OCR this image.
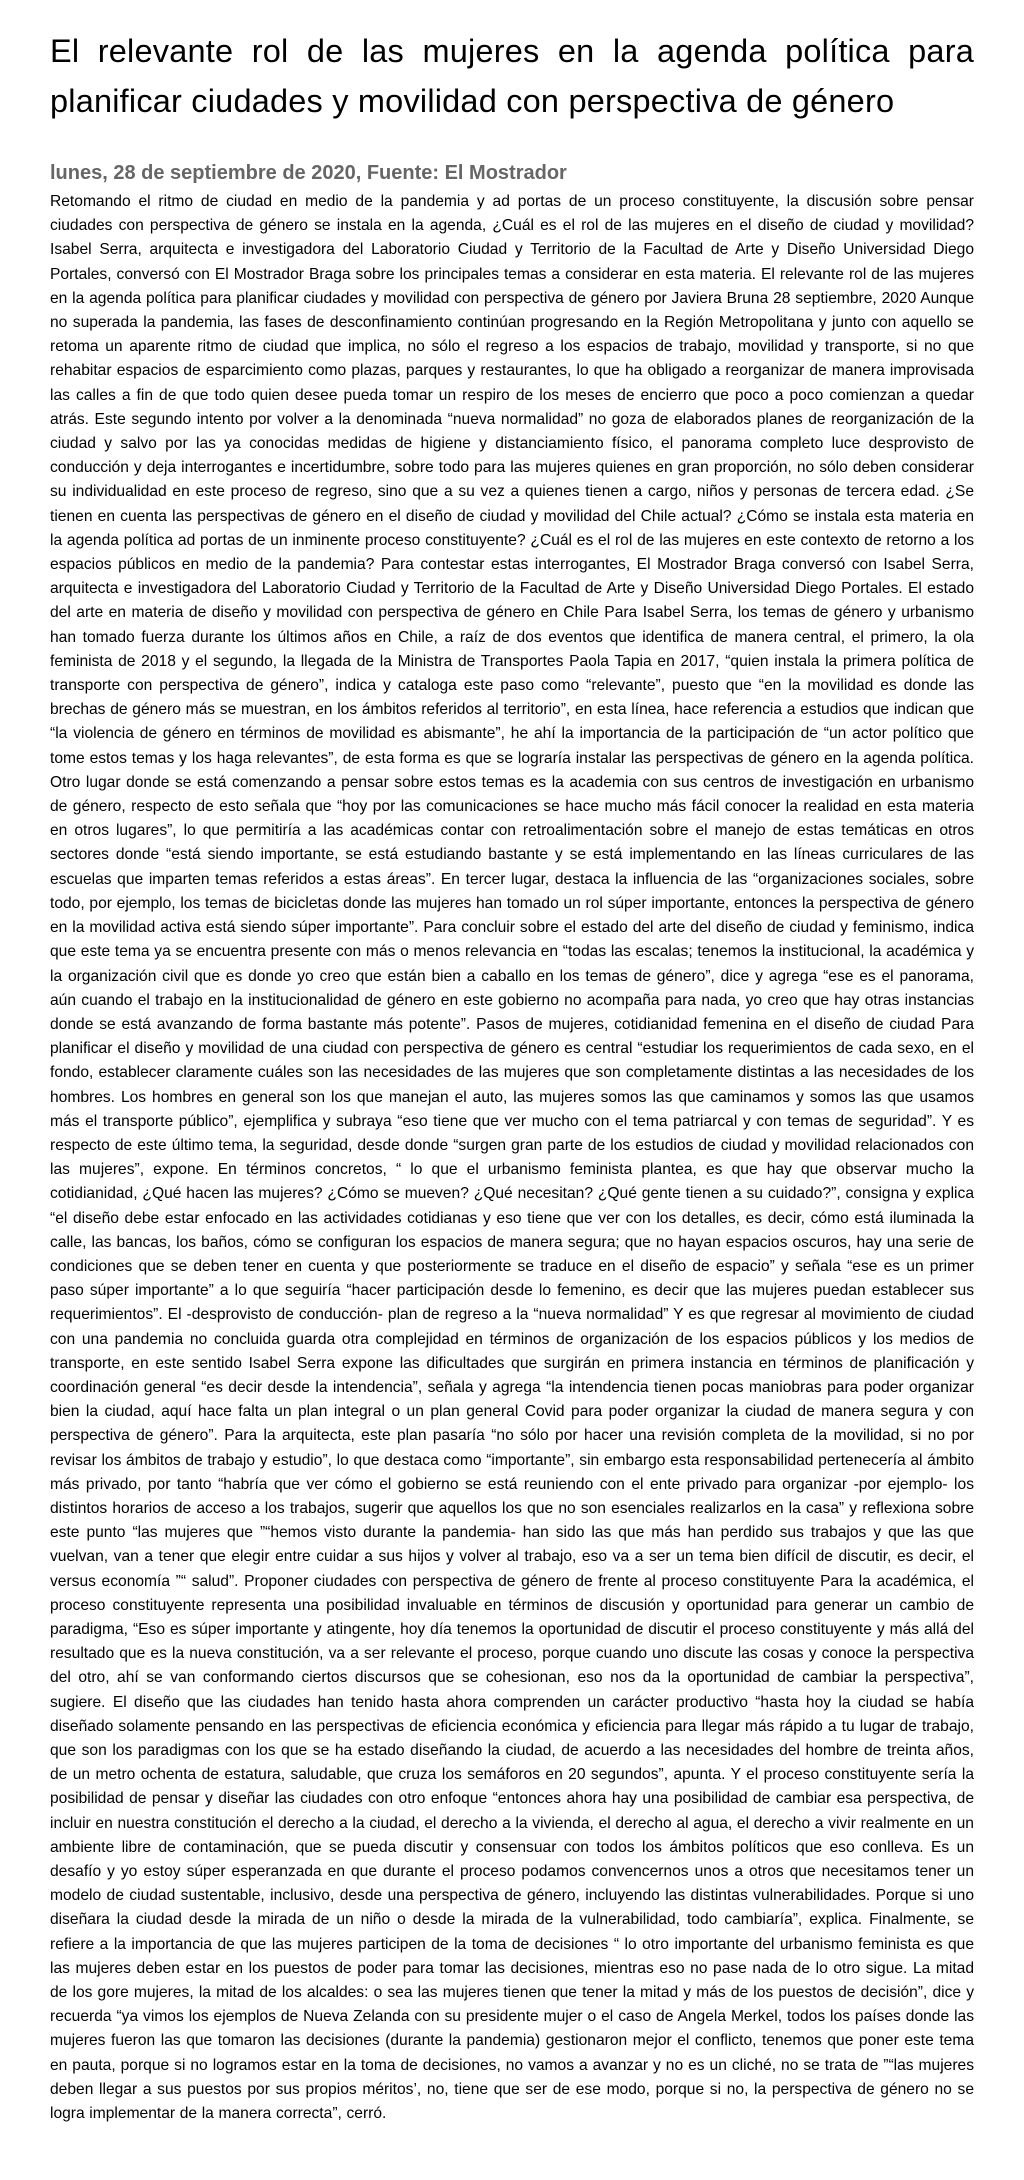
El relevante rol de las mujeres en la agenda política para planificar ciudades y movilidad con perspectiva de género
lunes, 28 de septiembre de 2020, Fuente: El Mostrador

Retomando el ritmo de ciudad en medio de la pandemia y ad portas de un proceso constituyente, la discusión sobre pensar ciudades con perspectiva de género se instala en la agenda, ¿Cuál es el rol de las mujeres en el diseño de ciudad y movilidad? Isabel Serra, arquitecta e investigadora del Laboratorio Ciudad y Territorio de la Facultad de Arte y Diseño Universidad Diego Portales, conversó con El Mostrador Braga sobre los principales temas a considerar en esta materia. El relevante rol de las mujeres en la agenda política para planificar ciudades y movilidad con perspectiva de género por Javiera Bruna 28 septiembre, 2020 Aunque no superada la pandemia, las fases de desconfinamiento continúan progresando en la Región Metropolitana y junto con aquello se retoma un aparente ritmo de ciudad que implica, no sólo el regreso a los espacios de trabajo, movilidad y transporte, si no que rehabitar espacios de esparcimiento como plazas, parques y restaurantes, lo que ha obligado a reorganizar de manera improvisada las calles a fin de que todo quien desee pueda tomar un respiro de los meses de encierro que poco a poco comienzan a quedar atrás. Este segundo intento por volver a la denominada “nueva normalidad” no goza de elaborados planes de reorganización de la ciudad y salvo por las ya conocidas medidas de higiene y distanciamiento físico, el panorama completo luce desprovisto de conducción y deja interrogantes e incertidumbre, sobre todo para las mujeres quienes en gran proporción, no sólo deben considerar su individualidad en este proceso de regreso, sino que a su vez a quienes tienen a cargo, niños y personas de tercera edad. ¿Se tienen en cuenta las perspectivas de género en el diseño de ciudad y movilidad del Chile actual? ¿Cómo se instala esta materia en la agenda política ad portas de un inminente proceso constituyente? ¿Cuál es el rol de las mujeres en este contexto de retorno a los espacios públicos en medio de la pandemia? Para contestar estas interrogantes, El Mostrador Braga conversó con Isabel Serra, arquitecta e investigadora del Laboratorio Ciudad y Territorio de la Facultad de Arte y Diseño Universidad Diego Portales. El estado del arte en materia de diseño y movilidad con perspectiva de género en Chile Para Isabel Serra, los temas de género y urbanismo han tomado fuerza durante los últimos años en Chile, a raíz de dos eventos que identifica de manera central, el primero, la ola feminista de 2018 y el segundo, la llegada de la Ministra de Transportes Paola Tapia en 2017, “quien instala la primera política de transporte con perspectiva de género”, indica y cataloga este paso como “relevante”, puesto que “en la movilidad es donde las brechas de género más se muestran, en los ámbitos referidos al territorio”, en esta línea, hace referencia a estudios que indican que “la violencia de género en términos de movilidad es abismante”, he ahí la importancia de la participación de “un actor político que tome estos temas y los haga relevantes”, de esta forma es que se lograría instalar las perspectivas de género en la agenda política. Otro lugar donde se está comenzando a pensar sobre estos temas es la academia con sus centros de investigación en urbanismo de género, respecto de esto señala que “hoy por las comunicaciones se hace mucho más fácil conocer la realidad en esta materia en otros lugares”, lo que permitiría a las académicas contar con retroalimentación sobre el manejo de estas temáticas en otros sectores donde “está siendo importante, se está estudiando bastante y se está implementando en las líneas curriculares de las escuelas que imparten temas referidos a estas áreas”. En tercer lugar, destaca la influencia de las “organizaciones sociales, sobre todo, por ejemplo, los temas de bicicletas donde las mujeres han tomado un rol súper importante, entonces la perspectiva de género en la movilidad activa está siendo súper importante”. Para concluir sobre el estado del arte del diseño de ciudad y feminismo, indica que este tema ya se encuentra presente con más o menos relevancia en “todas las escalas; tenemos la institucional, la académica y la organización civil que es donde yo creo que están bien a caballo en los temas de género”, dice y agrega “ese es el panorama, aún cuando el trabajo en la institucionalidad de género en este gobierno no acompaña para nada, yo creo que hay otras instancias donde se está avanzando de forma bastante más potente”. Pasos de mujeres, cotidianidad femenina en el diseño de ciudad Para planificar el diseño y movilidad de una ciudad con perspectiva de género es central “estudiar los requerimientos de cada sexo, en el fondo, establecer claramente cuáles son las necesidades de las mujeres que son completamente distintas a las necesidades de los hombres. Los hombres en general son los que manejan el auto, las mujeres somos las que caminamos y somos las que usamos más el transporte público”, ejemplifica y subraya “eso tiene que ver mucho con el tema patriarcal y con temas de seguridad”. Y es respecto de este último tema, la seguridad, desde donde “surgen gran parte de los estudios de ciudad y movilidad relacionados con las mujeres”, expone. En términos concretos, “ lo que el urbanismo feminista plantea, es que hay que observar mucho la cotidianidad, ¿Qué hacen las mujeres? ¿Cómo se mueven? ¿Qué necesitan? ¿Qué gente tienen a su cuidado?”, consigna y explica “el diseño debe estar enfocado en las actividades cotidianas y eso tiene que ver con los detalles, es decir, cómo está iluminada la calle, las bancas, los baños, cómo se configuran los espacios de manera segura; que no hayan espacios oscuros, hay una serie de condiciones que se deben tener en cuenta y que posteriormente se traduce en el diseño de espacio” y señala “ese es un primer paso súper importante” a lo que seguiría “hacer participación desde lo femenino, es decir que las mujeres puedan establecer sus requerimientos”. El -desprovisto de conducción- plan de regreso a la “nueva normalidad” Y es que regresar al movimiento de ciudad con una pandemia no concluida guarda otra complejidad en términos de organización de los espacios públicos y los medios de transporte, en este sentido Isabel Serra expone las dificultades que surgirán en primera instancia en términos de planificación y coordinación general “es decir desde la intendencia”, señala y agrega “la intendencia tienen pocas maniobras para poder organizar bien la ciudad, aquí hace falta un plan integral o un plan general Covid para poder organizar la ciudad de manera segura y con perspectiva de género”. Para la arquitecta, este plan pasaría “no sólo por hacer una revisión completa de la movilidad, si no por revisar los ámbitos de trabajo y estudio”, lo que destaca como “importante”, sin embargo esta responsabilidad pertenecería al ámbito más privado, por tanto “habría que ver cómo el gobierno se está reuniendo con el ente privado para organizar -por ejemplo- los distintos horarios de acceso a los trabajos, sugerir que aquellos los que no son esenciales realizarlos en la casa” y reflexiona sobre este punto “las mujeres que ”“hemos visto durante la pandemia- han sido las que más han perdido sus trabajos y que las que vuelvan, van a tener que elegir entre cuidar a sus hijos y volver al trabajo, eso va a ser un tema bien difícil de discutir, es decir, el versus economía ”“ salud”. Proponer ciudades con perspectiva de género de frente al proceso constituyente Para la académica, el proceso constituyente representa una posibilidad invaluable en términos de discusión y oportunidad para generar un cambio de paradigma, “Eso es súper importante y atingente, hoy día tenemos la oportunidad de discutir el proceso constituyente y más allá del resultado que es la nueva constitución, va a ser relevante el proceso, porque cuando uno discute las cosas y conoce la perspectiva del otro, ahí se van conformando ciertos discursos que se cohesionan, eso nos da la oportunidad de cambiar la perspectiva”, sugiere. El diseño que las ciudades han tenido hasta ahora comprenden un carácter productivo “hasta hoy la ciudad se había diseñado solamente pensando en las perspectivas de eficiencia económica y eficiencia para llegar más rápido a tu lugar de trabajo, que son los paradigmas con los que se ha estado diseñando la ciudad, de acuerdo a las necesidades del hombre de treinta años, de un metro ochenta de estatura, saludable, que cruza los semáforos en 20 segundos”, apunta. Y el proceso constituyente sería la posibilidad de pensar y diseñar las ciudades con otro enfoque “entonces ahora hay una posibilidad de cambiar esa perspectiva, de incluir en nuestra constitución el derecho a la ciudad, el derecho a la vivienda, el derecho al agua, el derecho a vivir realmente en un ambiente libre de contaminación, que se pueda discutir y consensuar con todos los ámbitos políticos que eso conlleva. Es un desafío y yo estoy súper esperanzada en que durante el proceso podamos convencernos unos a otros que necesitamos tener un modelo de ciudad sustentable, inclusivo, desde una perspectiva de género, incluyendo las distintas vulnerabilidades. Porque si uno diseñara la ciudad desde la mirada de un niño o desde la mirada de la vulnerabilidad, todo cambiaría”, explica. Finalmente, se refiere a la importancia de que las mujeres participen de la toma de decisiones “ lo otro importante del urbanismo feminista es que las mujeres deben estar en los puestos de poder para tomar las decisiones, mientras eso no pase nada de lo otro sigue. La mitad de los gore mujeres, la mitad de los alcaldes: o sea las mujeres tienen que tener la mitad y más de los puestos de decisión”, dice y recuerda “ya vimos los ejemplos de Nueva Zelanda con su presidente mujer o el caso de Angela Merkel, todos los países donde las mujeres fueron las que tomaron las decisiones (durante la pandemia) gestionaron mejor el conflicto, tenemos que poner este tema en pauta, porque si no logramos estar en la toma de decisiones, no vamos a avanzar y no es un cliché, no se trata de ”“las mujeres deben llegar a sus puestos por sus propios méritos’, no, tiene que ser de ese modo, porque si no, la perspectiva de género no se logra implementar de la manera correcta”, cerró.
